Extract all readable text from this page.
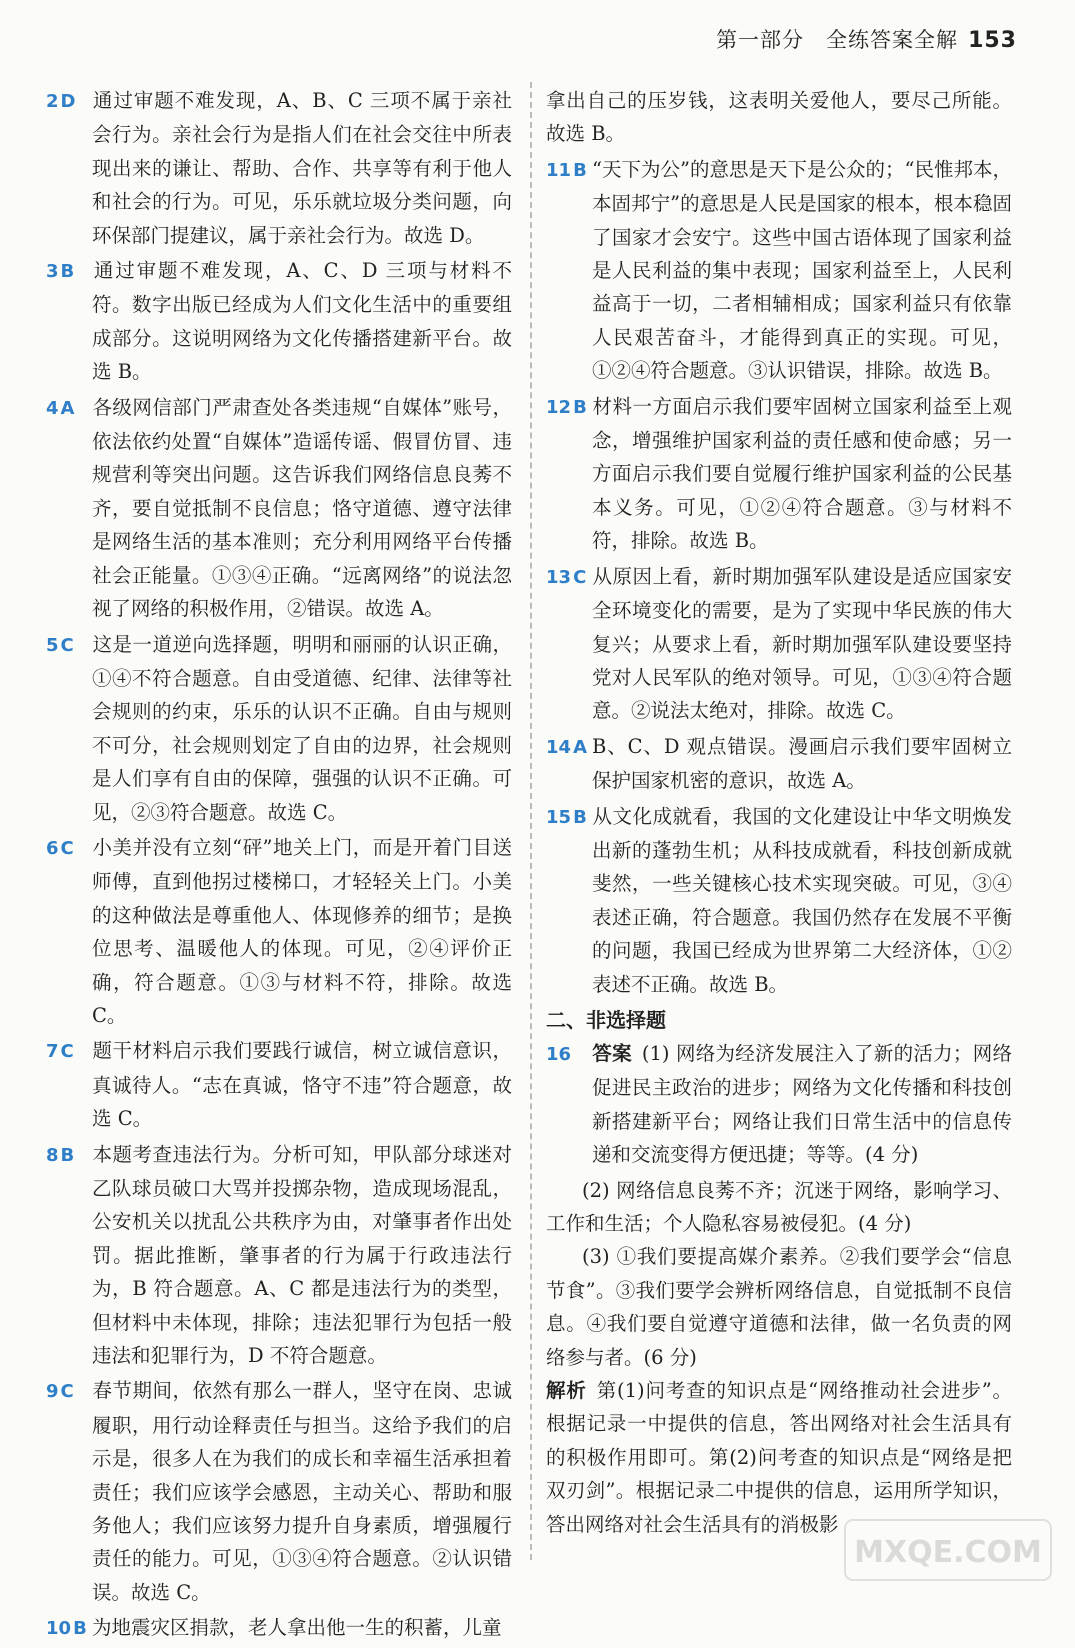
第一部分　全练答案全解 153

2 D 通过审题不难发现，A、B、C 三项不属于亲社会行为。亲社会行为是指人们在社会交往中所表现出来的谦让、帮助、合作、共享等有利于他人和社会的行为。可见，乐乐就垃圾分类问题，向环保部门提建议，属于亲社会行为。故选 D。

3 B 通过审题不难发现，A、C、D 三项与材料不符。数字出版已经成为人们文化生活中的重要组成部分。这说明网络为文化传播搭建新平台。故选 B。

4 A 各级网信部门严肃查处各类违规“自媒体”账号，依法依约处置“自媒体”造谣传谣、假冒仿冒、违规营利等突出问题。这告诉我们网络信息良莠不齐，要自觉抵制不良信息；恪守道德、遵守法律是网络生活的基本准则；充分利用网络平台传播社会正能量。①③④正确。“远离网络”的说法忽视了网络的积极作用，②错误。故选 A。

5 C 这是一道逆向选择题，明明和丽丽的认识正确，①④不符合题意。自由受道德、纪律、法律等社会规则的约束，乐乐的认识不正确。自由与规则不可分，社会规则划定了自由的边界，社会规则是人们享有自由的保障，强强的认识不正确。可见，②③符合题意。故选 C。

6 C 小美并没有立刻“砰”地关上门，而是开着门目送师傅，直到他拐过楼梯口，才轻轻关上门。小美的这种做法是尊重他人、体现修养的细节；是换位思考、温暖他人的体现。可见，②④评价正确，符合题意。①③与材料不符，排除。故选 C。

7 C 题干材料启示我们要践行诚信，树立诚信意识，真诚待人。“志在真诚，恪守不违”符合题意，故选 C。

8 B 本题考查违法行为。分析可知，甲队部分球迷对乙队球员破口大骂并投掷杂物，造成现场混乱，公安机关以扰乱公共秩序为由，对肇事者作出处罚。据此推断，肇事者的行为属于行政违法行为，B 符合题意。A、C 都是违法行为的类型，但材料中未体现，排除；违法犯罪行为包括一般违法和犯罪行为，D 不符合题意。

9 C 春节期间，依然有那么一群人，坚守在岗、忠诚履职，用行动诠释责任与担当。这给予我们的启示是，很多人在为我们的成长和幸福生活承担着责任；我们应该学会感恩，主动关心、帮助和服务他人；我们应该努力提升自身素质，增强履行责任的能力。可见，①③④符合题意。②认识错误。故选 C。

10 B 为地震灾区捐款，老人拿出他一生的积蓄，儿童

拿出自己的压岁钱，这表明关爱他人，要尽己所能。故选 B。

11 B “天下为公”的意思是天下是公众的；“民惟邦本，本固邦宁”的意思是人民是国家的根本，根本稳固了国家才会安宁。这些中国古语体现了国家利益是人民利益的集中表现；国家利益至上，人民利益高于一切，二者相辅相成；国家利益只有依靠人民艰苦奋斗，才能得到真正的实现。可见，①②④符合题意。③认识错误，排除。故选 B。

12 B 材料一方面启示我们要牢固树立国家利益至上观念，增强维护国家利益的责任感和使命感；另一方面启示我们要自觉履行维护国家利益的公民基本义务。可见，①②④符合题意。③与材料不符，排除。故选 B。

13 C 从原因上看，新时期加强军队建设是适应国家安全环境变化的需要，是为了实现中华民族的伟大复兴；从要求上看，新时期加强军队建设要坚持党对人民军队的绝对领导。可见，①③④符合题意。②说法太绝对，排除。故选 C。

14 A B、C、D 观点错误。漫画启示我们要牢固树立保护国家机密的意识，故选 A。

15 B 从文化成就看，我国的文化建设让中华文明焕发出新的蓬勃生机；从科技成就看，科技创新成就斐然，一些关键核心技术实现突破。可见，③④表述正确，符合题意。我国仍然存在发展不平衡的问题，我国已经成为世界第二大经济体，①②表述不正确。故选 B。

二、非选择题

16 答案 (1) 网络为经济发展注入了新的活力；网络促进民主政治的进步；网络为文化传播和科技创新搭建新平台；网络让我们日常生活中的信息传递和交流变得方便迅捷；等等。(4 分)

(2) 网络信息良莠不齐；沉迷于网络，影响学习、工作和生活；个人隐私容易被侵犯。(4 分)

(3) ①我们要提高媒介素养。②我们要学会“信息节食”。③我们要学会辨析网络信息，自觉抵制不良信息。④我们要自觉遵守道德和法律，做一名负责的网络参与者。(6 分)

解析 第(1)问考查的知识点是“网络推动社会进步”。根据记录一中提供的信息，答出网络对社会生活具有的积极作用即可。第(2)问考查的知识点是“网络是把双刃剑”。根据记录二中提供的信息，运用所学知识，答出网络对社会生活具有的消极影

MXQE.COM
